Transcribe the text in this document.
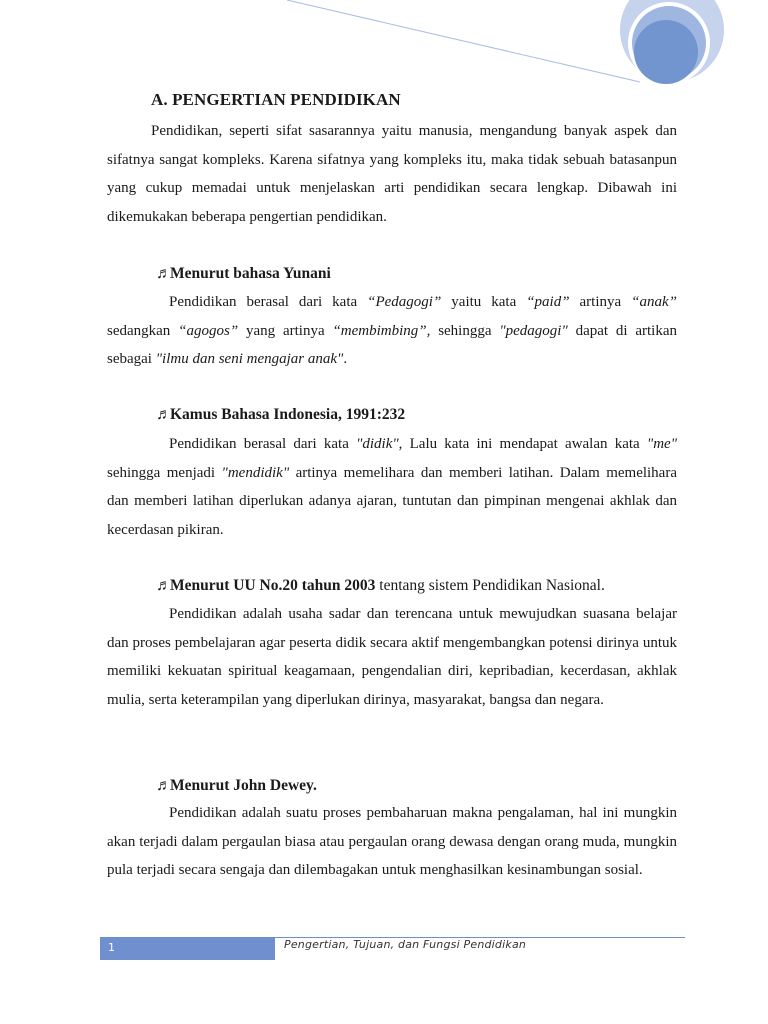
A. PENGERTIAN PENDIDIKAN

Pendidikan, seperti sifat sasarannya yaitu manusia, mengandung banyak aspek dan sifatnya sangat kompleks. Karena sifatnya yang kompleks itu, maka tidak sebuah batasanpun yang cukup memadai untuk menjelaskan arti pendidikan secara lengkap. Dibawah ini dikemukakan beberapa pengertian pendidikan.

♬Menurut bahasa Yunani

Pendidikan berasal dari kata “Pedagogi” yaitu kata “paid” artinya “anak” sedangkan “agogos” yang artinya “membimbing”, sehingga "pedagogi" dapat di artikan sebagai "ilmu dan seni mengajar anak".

♬Kamus Bahasa Indonesia, 1991:232

Pendidikan berasal dari kata "didik", Lalu kata ini mendapat awalan kata "me" sehingga menjadi "mendidik" artinya memelihara dan memberi latihan. Dalam memelihara dan memberi latihan diperlukan adanya ajaran, tuntutan dan pimpinan mengenai akhlak dan kecerdasan pikiran.

♬Menurut UU No.20 tahun 2003 tentang sistem Pendidikan Nasional.

Pendidikan adalah usaha sadar dan terencana untuk mewujudkan suasana belajar dan proses pembelajaran agar peserta didik secara aktif mengembangkan potensi dirinya untuk memiliki kekuatan spiritual keagamaan, pengendalian diri, kepribadian, kecerdasan, akhlak mulia, serta keterampilan yang diperlukan dirinya, masyarakat, bangsa dan negara.

♬Menurut John Dewey.

Pendidikan adalah suatu proses pembaharuan makna pengalaman, hal ini mungkin akan terjadi dalam pergaulan biasa atau pergaulan orang dewasa dengan orang muda, mungkin pula terjadi secara sengaja dan dilembagakan untuk menghasilkan kesinambungan sosial.

1	Pengertian, Tujuan, dan Fungsi Pendidikan
